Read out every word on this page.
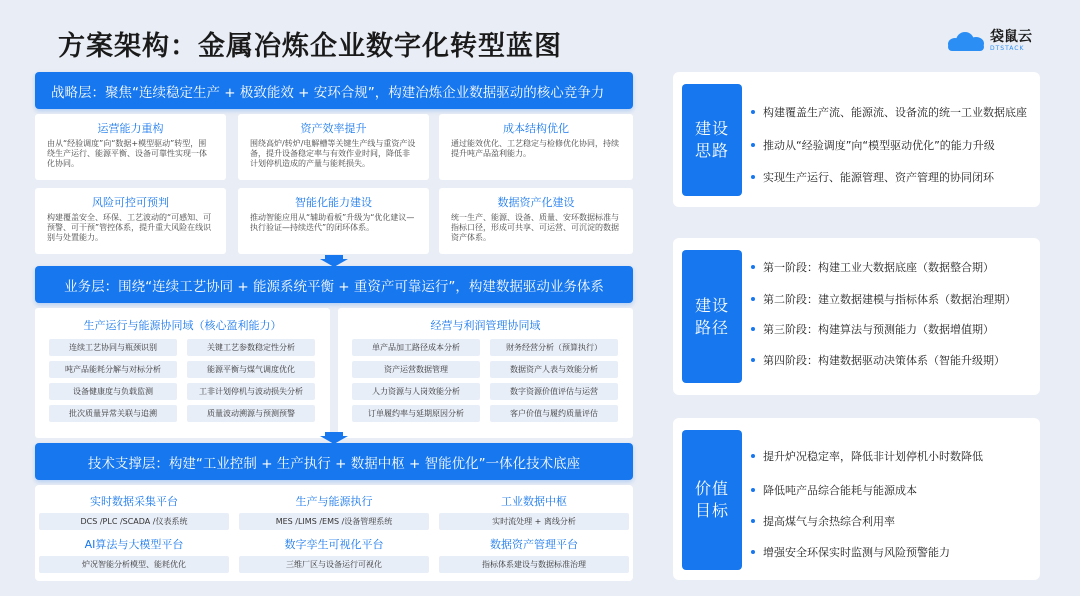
方案架构：金属冶炼企业数字化转型蓝图	袋鼠云
DTSTACK
战略层：聚焦“连续稳定生产 + 极致能效 + 安环合规”，构建冶炼企业数据驱动的核心竞争力
运营能力重构
由从“经验调度”向“数据+模型驱动”转型，围绕生产运行、能源平衡、设备可靠性实现一体化协同。
资产效率提升
围绕高炉/转炉/电解槽等关键生产线与重资产设备，提升设备稳定率与有效作业时间，降低非计划停机造成的产量与能耗损失。
成本结构优化
通过能效优化、工艺稳定与检修优化协同，持续提升吨产品盈利能力。
风险可控可预判
构建覆盖安全、环保、工艺波动的“可感知、可预警、可干预”管控体系，提升重大风险在线识别与处置能力。
智能化能力建设
推动智能应用从“辅助看板”升级为“优化建议—执行验证—持续迭代”的闭环体系。
数据资产化建设
统一生产、能源、设备、质量、安环数据标准与指标口径，形成可共享、可运营、可沉淀的数据资产体系。
业务层：围绕“连续工艺协同 + 能源系统平衡 + 重资产可靠运行”，构建数据驱动业务体系
生产运行与能源协同域（核心盈利能力）
连续工艺协同与瓶颈识别	关键工艺参数稳定性分析
吨产品能耗分解与对标分析	能源平衡与煤气调度优化
设备健康度与负载监测	工非计划停机与波动损失分析
批次质量异常关联与追溯	质量波动溯源与预测预警
经营与利润管理协同域
单产品加工路径成本分析	财务经营分析（预算执行）
资产运营数据管理	数据资产人表与效能分析
人力资源与人岗效能分析	数字资源价值评估与运营
订单履约率与延期原因分析	客户价值与履约质量评估
技术支撑层：构建“工业控制 + 生产执行 + 数据中枢 + 智能优化”一体化技术底座
实时数据采集平台
DCS /PLC /SCADA /仪表系统
生产与能源执行
MES /LIMS /EMS /设备管理系统
工业数据中枢
实时流处理 + 离线分析
AI算法与大模型平台
炉况智能分析模型、能耗优化
数字孪生可视化平台
三维厂区与设备运行可视化
数据资产管理平台
指标体系建设与数据标准治理
建设
思路
构建覆盖生产流、能源流、设备流的统一工业数据底座
推动从“经验调度”向“模型驱动优化”的能力升级
实现生产运行、能源管理、资产管理的协同闭环
建设
路径
第一阶段：构建工业大数据底座（数据整合期）
第二阶段：建立数据建模与指标体系（数据治理期）
第三阶段：构建算法与预测能力（数据增值期）
第四阶段：构建数据驱动决策体系（智能升级期）
价值
目标
提升炉况稳定率，降低非计划停机小时数降低
降低吨产品综合能耗与能源成本
提高煤气与余热综合利用率
增强安全环保实时监测与风险预警能力
